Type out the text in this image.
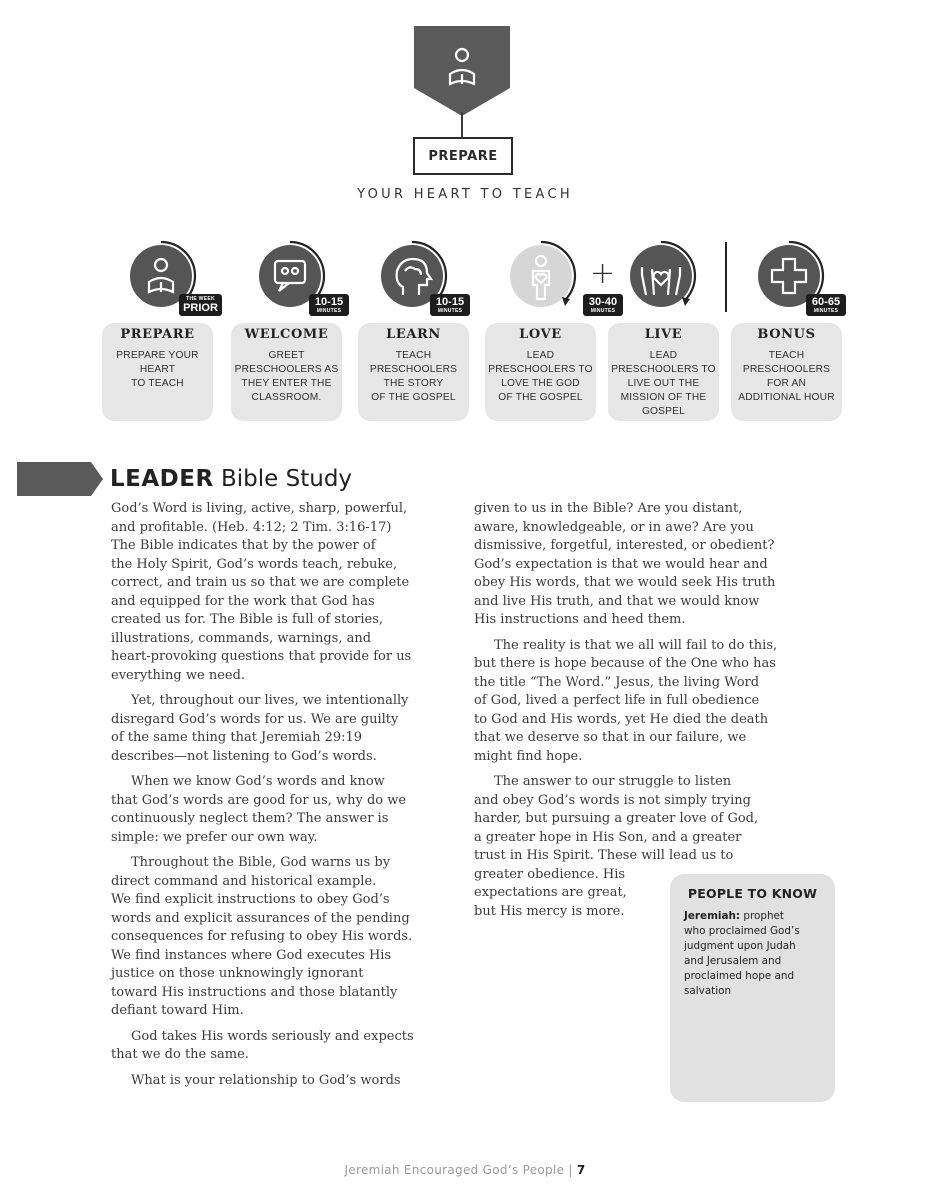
PREPARE
YOUR HEART TO TEACH
THE WEEK
PRIOR	10-15
MINUTES
10-15
MINUTES
+
30-40
MINUTES
60-65
MINUTES
PREPARE
PREPARE YOUR
HEART
TO TEACH
WELCOME
GREET
PRESCHOOLERS AS
THEY ENTER THE
CLASSROOM.
LEARN
TEACH
PRESCHOOLERS
THE STORY
OF THE GOSPEL
LOVE
LEAD
PRESCHOOLERS TO
LOVE THE GOD
OF THE GOSPEL
LIVE
LEAD
PRESCHOOLERS TO
LIVE OUT THE
MISSION OF THE
GOSPEL
BONUS
TEACH
PRESCHOOLERS
FOR AN
ADDITIONAL HOUR
LEADER Bible Study

God’s Word is living, active, sharp, powerful,
and profitable. (Heb. 4:12; 2 Tim. 3:16-17)
The Bible indicates that by the power of
the Holy Spirit, God’s words teach, rebuke,
correct, and train us so that we are complete
and equipped for the work that God has
created us for. The Bible is full of stories,
illustrations, commands, warnings, and
heart-provoking questions that provide for us
everything we need.

Yet, throughout our lives, we intentionally
disregard God’s words for us. We are guilty
of the same thing that Jeremiah 29:19
describes—not listening to God’s words.

When we know God’s words and know
that God’s words are good for us, why do we
continuously neglect them? The answer is
simple: we prefer our own way.

Throughout the Bible, God warns us by
direct command and historical example.
We find explicit instructions to obey God’s
words and explicit assurances of the pending
consequences for refusing to obey His words.
We find instances where God executes His
justice on those unknowingly ignorant
toward His instructions and those blatantly
defiant toward Him.

God takes His words seriously and expects
that we do the same.

What is your relationship to God’s words

given to us in the Bible? Are you distant,
aware, knowledgeable, or in awe? Are you
dismissive, forgetful, interested, or obedient?
God’s expectation is that we would hear and
obey His words, that we would seek His truth
and live His truth, and that we would know
His instructions and heed them.

The reality is that we all will fail to do this,
but there is hope because of the One who has
the title “The Word.” Jesus, the living Word
of God, lived a perfect life in full obedience
to God and His words, yet He died the death
that we deserve so that in our failure, we
might find hope.

The answer to our struggle to listen
and obey God’s words is not simply trying
harder, but pursuing a greater love of God,
a greater hope in His Son, and a greater
trust in His Spirit. These will lead us to
greater obedience. His
expectations are great,
but His mercy is more.

PEOPLE TO KNOW
Jeremiah: prophet
who proclaimed God’s
judgment upon Judah
and Jerusalem and
proclaimed hope and
salvation
Jeremiah Encouraged God’s People | 7
